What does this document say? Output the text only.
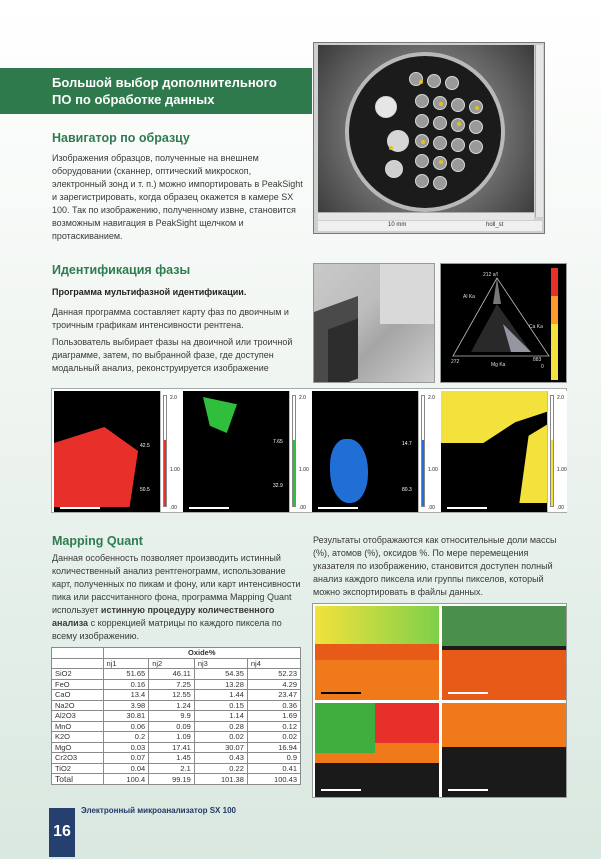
Большой выбор дополнительного
ПО по обработке данных
Навигатор по образцу
Изображения образцов, полученные на внешнем оборудовании (сканнер, оптический микроскоп, электронный зонд и т. п.) можно импортировать в PeakSight и зарегистрировать, когда образец окажется в камере SX 100. Так по изображению, полученному извне, становится возможным навигация в PeakSight щелчком и протаскиванием.
10 mm	holl_st
Идентификация фазы
Программа мультифазной идентификации.
Данная программа составляет карту фаз по двоичным и троичным графикам интенсивности рентгена.
Пользователь выбирает фазы на двоичной или троичной диаграмме, затем, по выбранной фазе, где доступен модальный анализ, реконструируется изображение
212 s/l
Al Ka
Ca Ka
272	Mg Ka
883
0
2.0
1.00
.00
42.5
50.5
2.0
1.00
.00
7.65
32.9
2.0
1.00
.00
14.7
80.3
2.0
1.00
.00
Mapping Quant
Данная особенность позволяет производить истинный количественный анализ рентгенограмм, использование карт, полученных по пикам и фону, или карт интенсивности пика или рассчитанного фона, программа Mapping Quant использует истинную процедуру количественного анализа с коррекцией матрицы по каждого пиксела по всему изображению.
Результаты отображаются как относительные доли массы (%), атомов (%), оксидов %. По мере перемещения указателя по изображению, становится доступен полный анализ каждого пиксела или группы пикселов, который можно экспортировать в файлы данных.
	Oxide%			
	nj1	nj2	nj3	nj4
SiO2	51.65	46.11	54.35	52.23
FeO	0.16	7.25	13.28	4.29
CaO	13.4	12.55	1.44	23.47
Na2O	3.98	1.24	0.15	0.36
Al2O3	30.81	9.9	1.14	1.69
MnO	0.06	0.09	0.28	0.12
K2O	0.2	1.09	0.02	0.02
MgO	0.03	17.41	30.07	16.94
Cr2O3	0.07	1.45	0.43	0.9
TiO2	0.04	2.1	0.22	0.41
Total	100.4	99.19	101.38	100.43
16
Электронный микроанализатор SX 100
